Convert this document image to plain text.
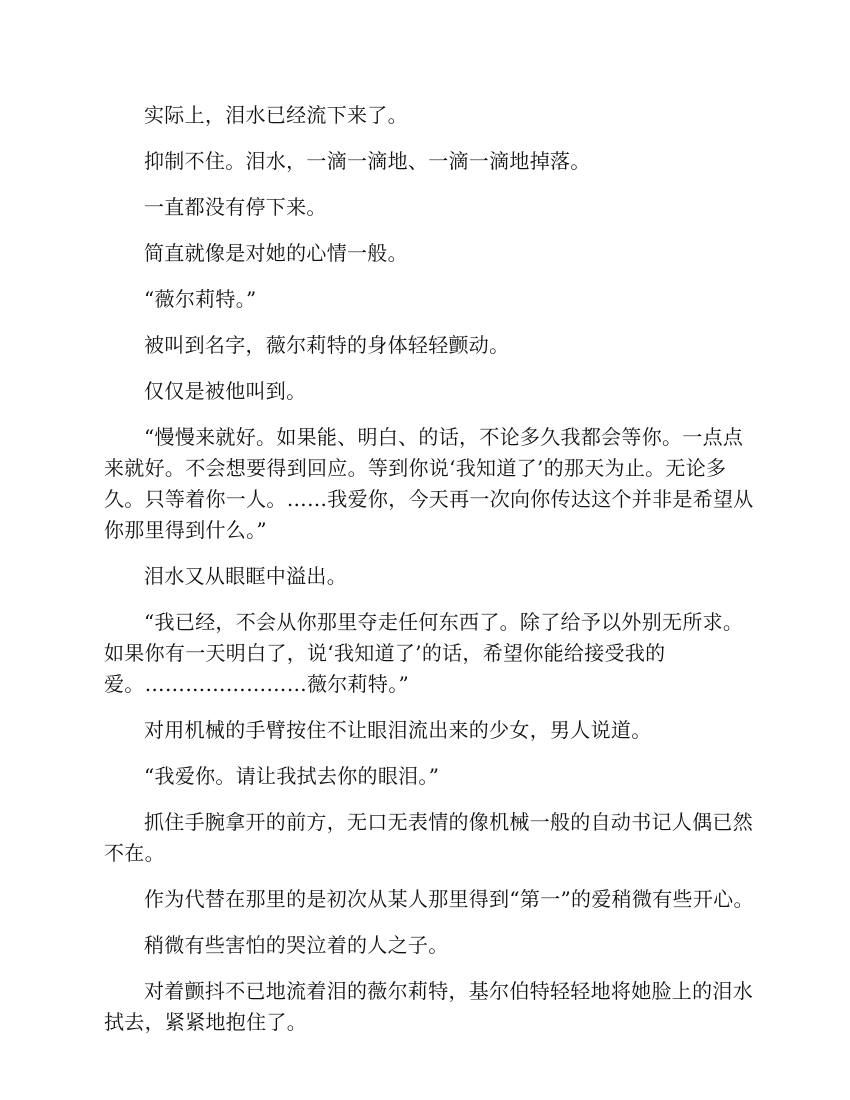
实际上，泪水已经流下来了。

抑制不住。泪水，一滴一滴地、一滴一滴地掉落。

一直都没有停下来。

简直就像是对她的心情一般。

“薇尔莉特。”

被叫到名字，薇尔莉特的身体轻轻颤动。

仅仅是被他叫到。

“慢慢来就好。如果能、明白、的话，不论多久我都会等你。一点点来就好。不会想要得到回应。等到你说‘我知道了’的那天为止。无论多久。只等着你一人。……我爱你，今天再一次向你传达这个并非是希望从你那里得到什么。”

泪水又从眼眶中溢出。

“我已经，不会从你那里夺走任何东西了。除了给予以外别无所求。如果你有一天明白了，说‘我知道了’的话，希望你能给接受我的爱。……………………薇尔莉特。”

对用机械的手臂按住不让眼泪流出来的少女，男人说道。

“我爱你。请让我拭去你的眼泪。”

抓住手腕拿开的前方，无口无表情的像机械一般的自动书记人偶已然不在。

作为代替在那里的是初次从某人那里得到“第一”的爱稍微有些开心。

稍微有些害怕的哭泣着的人之子。

对着颤抖不已地流着泪的薇尔莉特，基尔伯特轻轻地将她脸上的泪水拭去，紧紧地抱住了。
